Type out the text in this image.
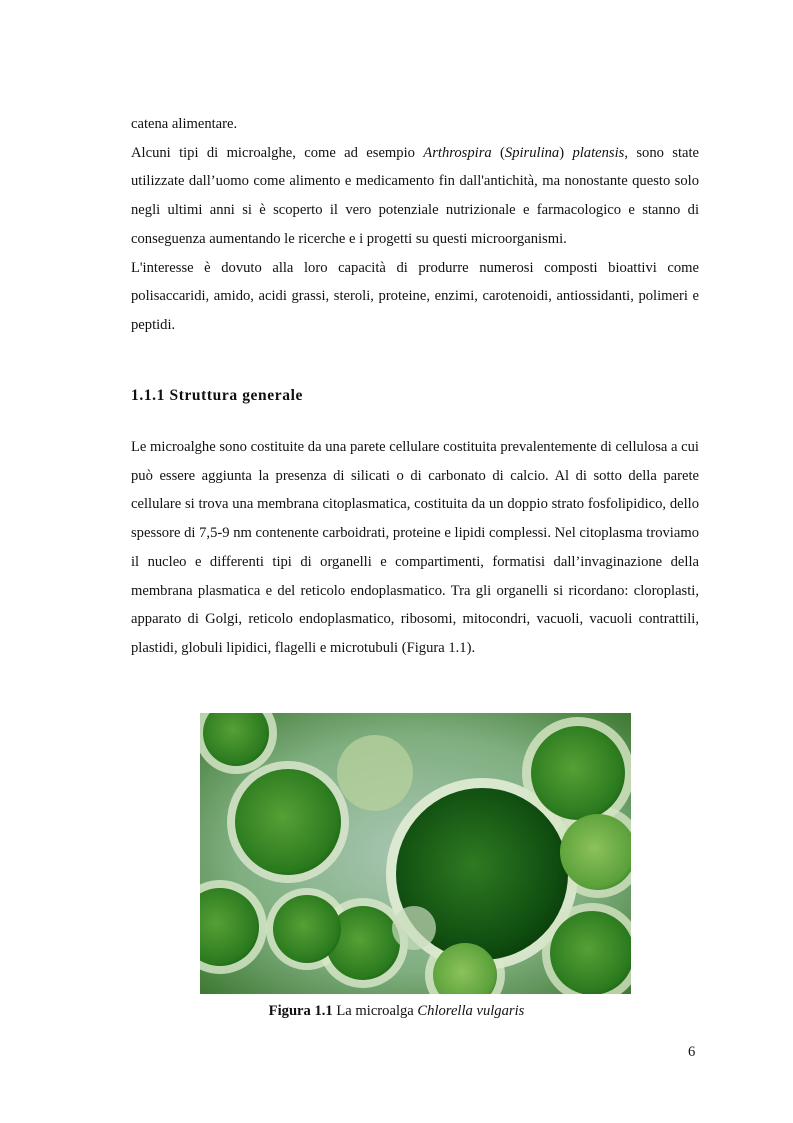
catena alimentare.

Alcuni tipi di microalghe, come ad esempio Arthrospira (Spirulina) platensis, sono state utilizzate dall’uomo come alimento e medicamento fin dall'antichità, ma nonostante questo solo negli ultimi anni si è scoperto il vero potenziale nutrizionale e farmacologico e stanno di conseguenza aumentando le ricerche e i progetti su questi microorganismi.

L'interesse è dovuto alla loro capacità di produrre numerosi composti bioattivi come polisaccaridi, amido, acidi grassi, steroli, proteine, enzimi, carotenoidi, antiossidanti, polimeri e peptidi.

1.1.1 Struttura generale

Le microalghe sono costituite da una parete cellulare costituita prevalentemente di cellulosa a cui può essere aggiunta la presenza di silicati o di carbonato di calcio. Al di sotto della parete cellulare si trova una membrana citoplasmatica, costituita da un doppio strato fosfolipidico, dello spessore di 7,5-9 nm contenente carboidrati, proteine e lipidi complessi. Nel citoplasma troviamo il nucleo e differenti tipi di organelli e compartimenti, formatisi dall’invaginazione della membrana plasmatica e del reticolo endoplasmatico. Tra gli organelli si ricordano: cloroplasti, apparato di Golgi, reticolo endoplasmatico, ribosomi, mitocondri, vacuoli, vacuoli contrattili, plastidi, globuli lipidici, flagelli e microtubuli (Figura 1.1).

Figura 1.1 La microalga Chlorella vulgaris
6
